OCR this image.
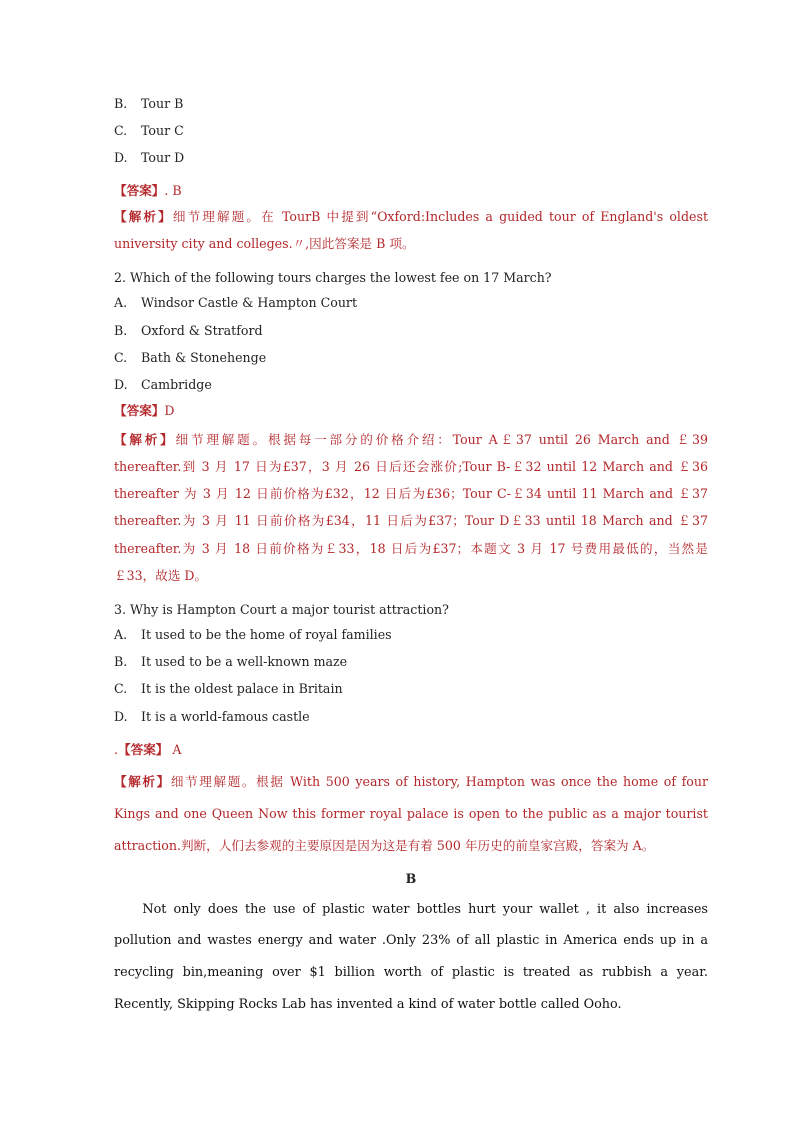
B. Tour B
C. Tour C
D. Tour D
【答案】. B
【解析】细节理解题。在 TourB 中提到“Oxford:Includes a guided tour of England's oldest
university city and colleges.〃,因此答案是 B 项。
2. Which of the following tours charges the lowest fee on 17 March?
A. Windsor Castle & Hampton Court
B. Oxford & Stratford
C. Bath & Stonehenge
D. Cambridge
【答案】D
【解析】细节理解题。根据每一部分的价格介绍：Tour A￡37 until 26 March and ￡39
thereafter.到 3 月 17 日为£37，3 月 26 日后还会涨价;Tour B-￡32 until 12 March and ￡36
thereafter 为 3 月 12 日前价格为£32，12 日后为£36；Tour C-￡34 until 11 March and ￡37
thereafter.为 3 月 11 日前价格为£34，11 日后为£37；Tour D￡33 until 18 March and ￡37
thereafter.为 3 月 18 日前价格为￡33，18 日后为£37；本题文 3 月 17 号费用最低的，当然是
￡33，故选 D。
3. Why is Hampton Court a major tourist attraction?
A. It used to be the home of royal families
B. It used to be a well-known maze
C. It is the oldest palace in Britain
D. It is a world-famous castle
.【答案】 A
【解析】细节理解题。根据 With 500 years of history, Hampton was once the home of four
Kings and one Queen Now this former royal palace is open to the public as a major tourist
attraction.判断，人们去参观的主要原因是因为这是有着 500 年历史的前皇家宫殿，答案为 A。
B
Not only does the use of plastic water bottles hurt your wallet , it also increases
pollution and wastes energy and water .Only 23% of all plastic in America ends up in a
recycling bin,meaning over $1 billion worth of plastic is treated as rubbish a year.
Recently, Skipping Rocks Lab has invented a kind of water bottle called Ooho.
